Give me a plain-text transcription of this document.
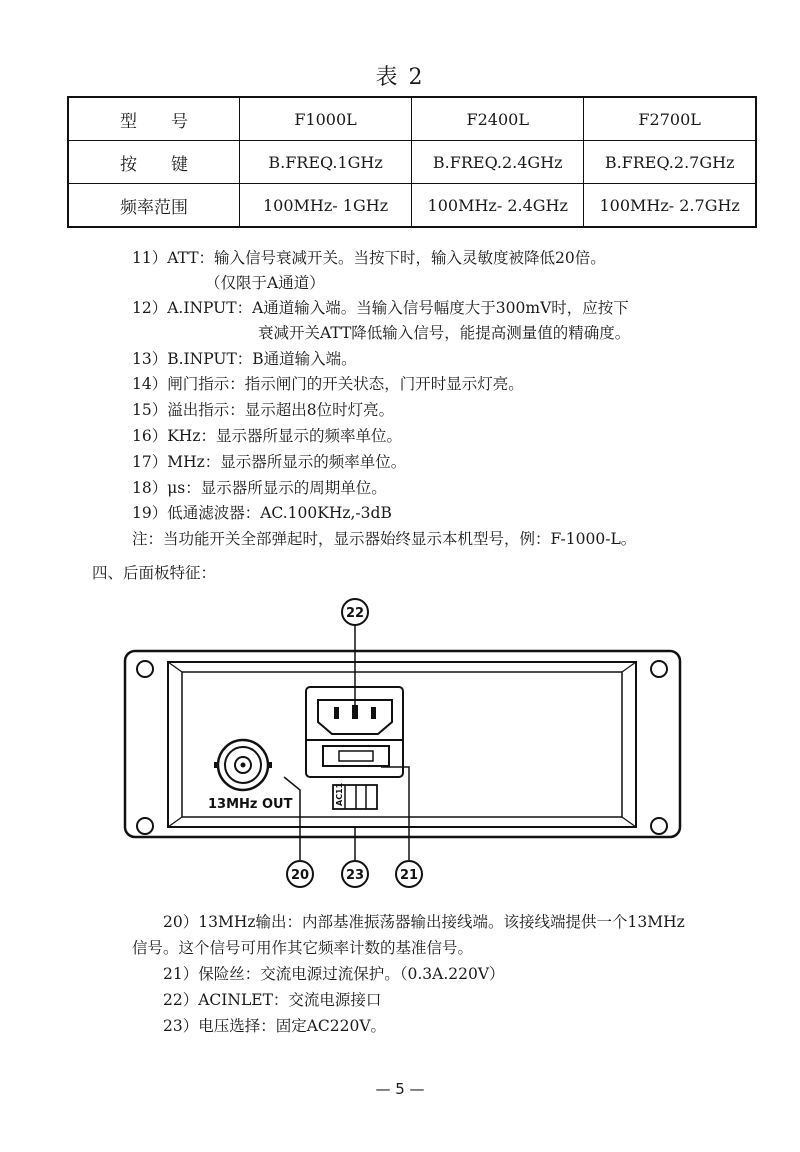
表 2
型　　号	F1000L	F2400L	F2700L
按　　键	B.FREQ.1GHz	B.FREQ.2.4GHz	B.FREQ.2.7GHz
频率范围	100MHz- 1GHz	100MHz- 2.4GHz	100MHz- 2.7GHz
11）ATT：输入信号衰减开关。当按下时，输入灵敏度被降低20倍。
（仅限于A通道）
12）A.INPUT：A通道输入端。当输入信号幅度大于300mV时，应按下
衰减开关ATT降低输入信号，能提高测量值的精确度。
13）B.INPUT：B通道输入端。
14）闸门指示：指示闸门的开关状态，门开时显示灯亮。
15）溢出指示：显示超出8位时灯亮。
16）KHz：显示器所显示的频率单位。
17）MHz：显示器所显示的频率单位。
18）μs：显示器所显示的周期单位。
19）低通滤波器：AC.100KHz,-3dB
注：当功能开关全部弹起时，显示器始终显示本机型号，例：F-1000-L。
四、后面板特征：
13MHz OUT	AC11
22
20	23	21
20）13MHz输出：内部基准振荡器输出接线端。该接线端提供一个13MHz
信号。这个信号可用作其它频率计数的基准信号。
21）保险丝：交流电源过流保护。（0.3A.220V）
22）ACINLET：交流电源接口
23）电压选择：固定AC220V。
— 5 —
